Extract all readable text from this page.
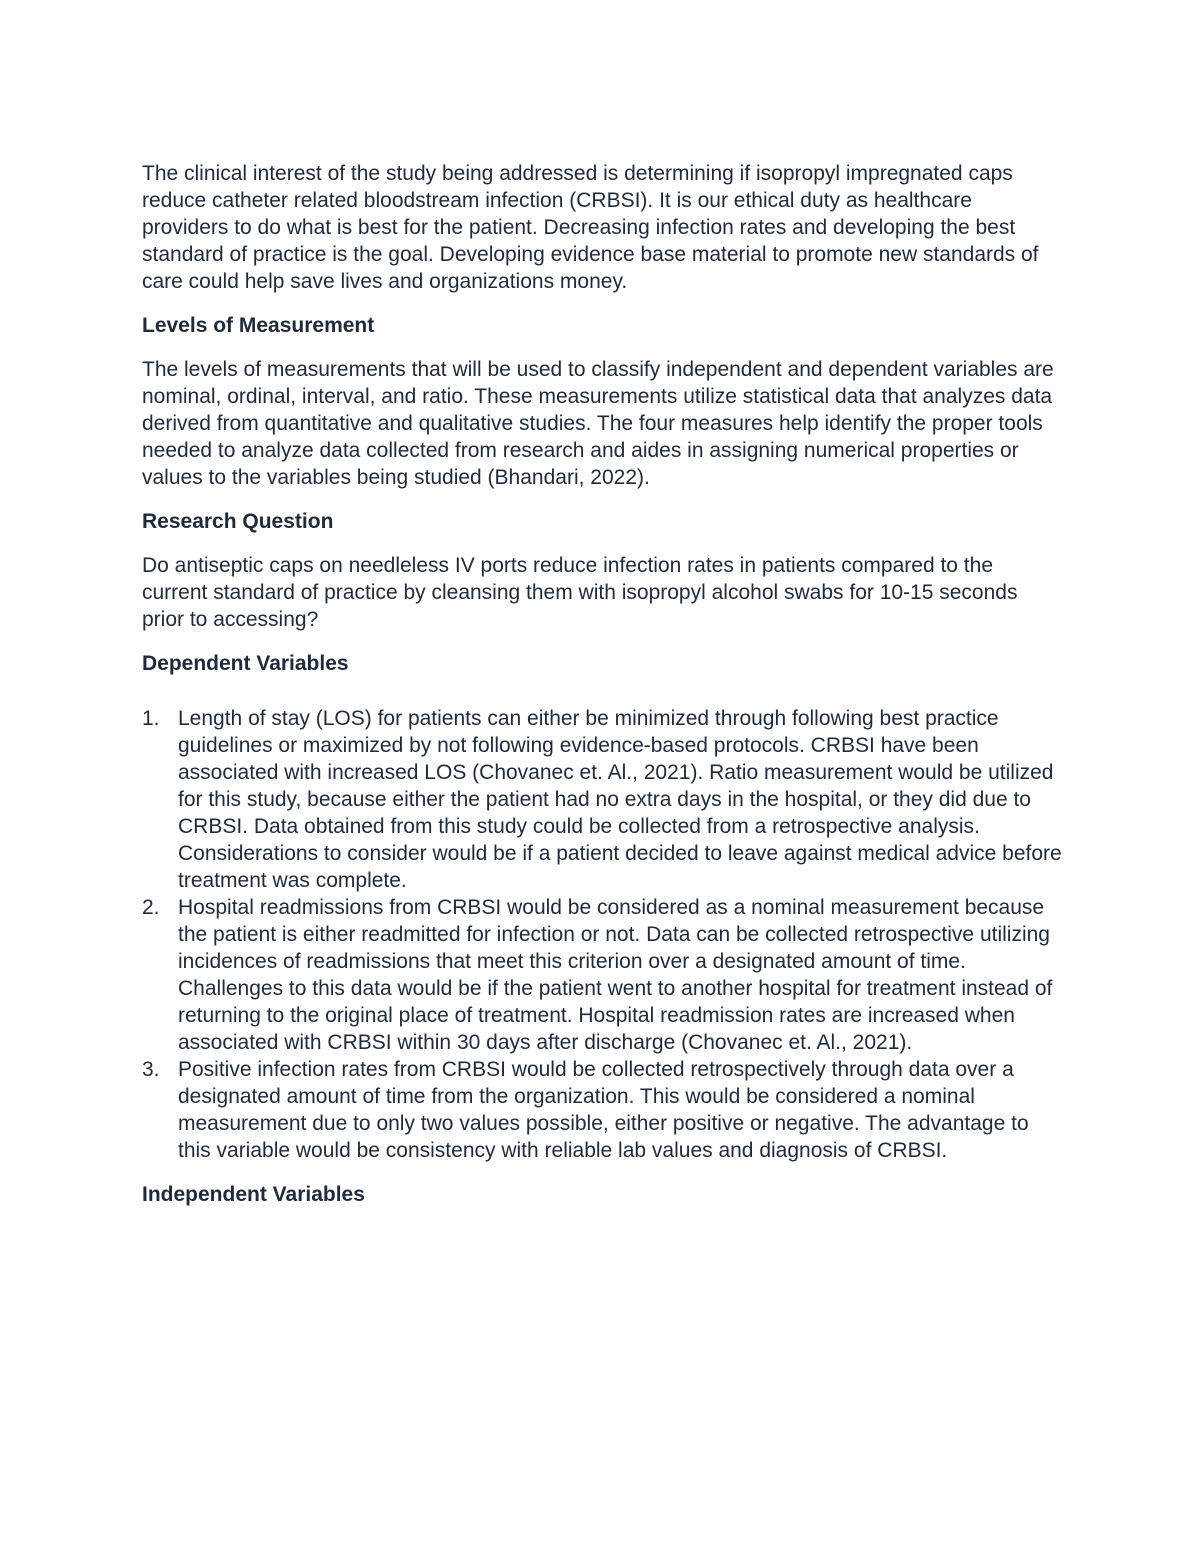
The clinical interest of the study being addressed is determining if isopropyl impregnated caps reduce catheter related bloodstream infection (CRBSI). It is our ethical duty as healthcare providers to do what is best for the patient. Decreasing infection rates and developing the best standard of practice is the goal. Developing evidence base material to promote new standards of care could help save lives and organizations money.

Levels of Measurement

The levels of measurements that will be used to classify independent and dependent variables are nominal, ordinal, interval, and ratio. These measurements utilize statistical data that analyzes data derived from quantitative and qualitative studies. The four measures help identify the proper tools needed to analyze data collected from research and aides in assigning numerical properties or values to the variables being studied (Bhandari, 2022).

Research Question

Do antiseptic caps on needleless IV ports reduce infection rates in patients compared to the current standard of practice by cleansing them with isopropyl alcohol swabs for 10-15 seconds prior to accessing?

Dependent Variables
1. Length of stay (LOS) for patients can either be minimized through following best practice guidelines or maximized by not following evidence-based protocols. CRBSI have been associated with increased LOS (Chovanec et. Al., 2021). Ratio measurement would be utilized for this study, because either the patient had no extra days in the hospital, or they did due to CRBSI. Data obtained from this study could be collected from a retrospective analysis. Considerations to consider would be if a patient decided to leave against medical advice before treatment was complete.
2. Hospital readmissions from CRBSI would be considered as a nominal measurement because the patient is either readmitted for infection or not. Data can be collected retrospective utilizing incidences of readmissions that meet this criterion over a designated amount of time. Challenges to this data would be if the patient went to another hospital for treatment instead of returning to the original place of treatment. Hospital readmission rates are increased when associated with CRBSI within 30 days after discharge (Chovanec et. Al., 2021).
3. Positive infection rates from CRBSI would be collected retrospectively through data over a designated amount of time from the organization. This would be considered a nominal measurement due to only two values possible, either positive or negative. The advantage to this variable would be consistency with reliable lab values and diagnosis of CRBSI.
Independent Variables
